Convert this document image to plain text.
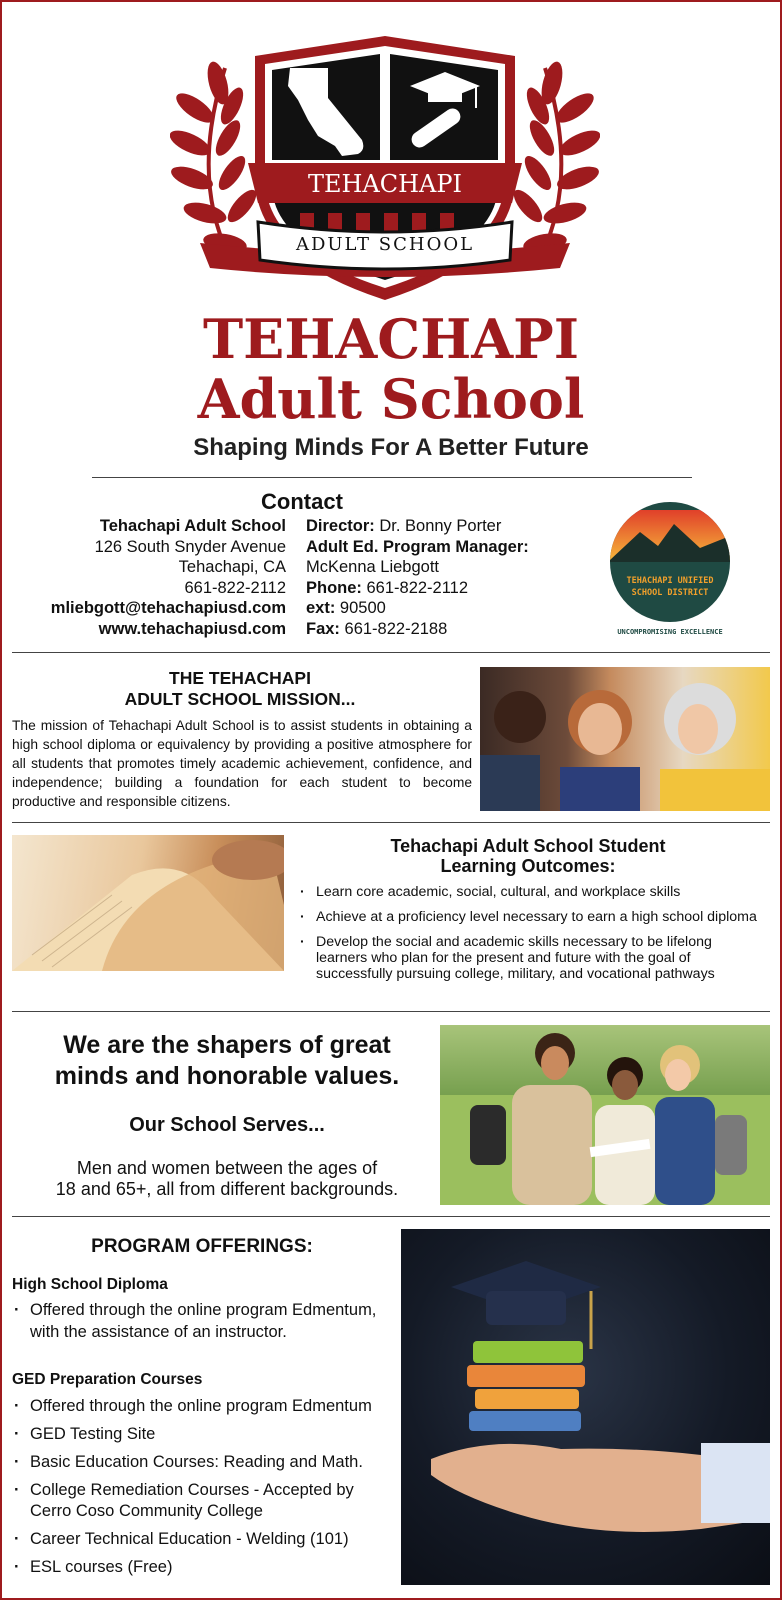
TEHACHAPI
ADULT SCHOOL
TEHACHAPI
Adult School
Shaping Minds For A Better Future
Contact
Tehachapi Adult School
126 South Snyder Avenue
Tehachapi, CA
661-822-2112
mliebgott@tehachapiusd.com
www.tehachapiusd.com
Director: Dr. Bonny Porter
Adult Ed. Program Manager:
McKenna Liebgott
Phone: 661-822-2112
ext: 90500
Fax: 661-822-2188
TEHACHAPI UNIFIED
SCHOOL DISTRICT
UNCOMPROMISING EXCELLENCE
THE TEHACHAPI
ADULT SCHOOL MISSION...
The mission of Tehachapi Adult School is to assist students in obtaining a high school diploma or equivalency by providing a positive atmosphere for all students that promotes timely academic achievement, confidence, and independence; building a foundation for each student to become productive and responsible citizens.
Tehachapi Adult School Student
Learning Outcomes:
· Learn core academic, social, cultural, and workplace skills
· Achieve at a proficiency level necessary to earn a high school diploma
· Develop the social and academic skills necessary to be lifelong learners who plan for the present and future with the goal of successfully pursuing college, military, and vocational pathways
We are the shapers of great
minds and honorable values.
Our School Serves...
Men and women between the ages of
18 and 65+, all from different backgrounds.
PROGRAM OFFERINGS:
High School Diploma
· Offered through the online program Edmentum, with the assistance of an instructor.
GED Preparation Courses
· Offered through the online program Edmentum
· GED Testing Site
· Basic Education Courses: Reading and Math.
· College Remediation Courses - Accepted by Cerro Coso Community College
· Career Technical Education - Welding (101)
· ESL courses (Free)
